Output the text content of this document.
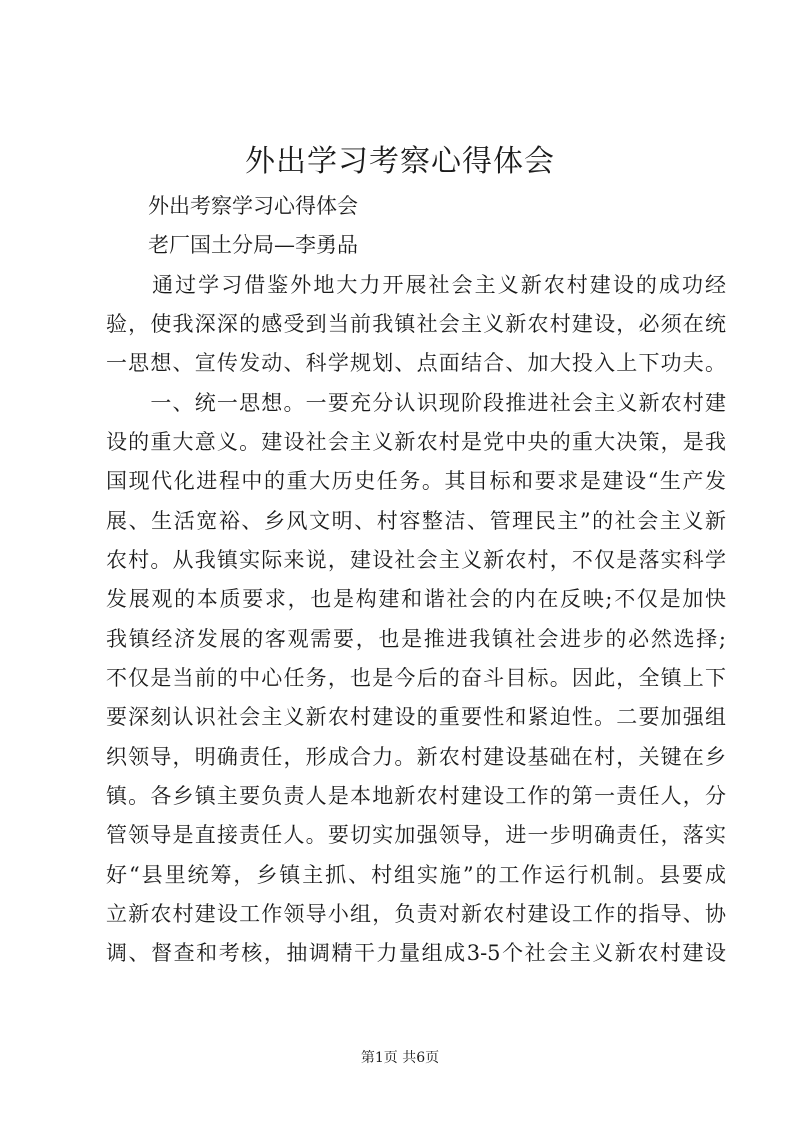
外出学习考察心得体会
　　外出考察学习心得体会
　　老厂国土分局—李勇品
　　通过学习借鉴外地大力开展社会主义新农村建设的成功经
验，使我深深的感受到当前我镇社会主义新农村建设，必须在统
一思想、宣传发动、科学规划、点面结合、加大投入上下功夫。
　　一、统一思想。一要充分认识现阶段推进社会主义新农村建
设的重大意义。建设社会主义新农村是党中央的重大决策，是我
国现代化进程中的重大历史任务。其目标和要求是建设“生产发
展、生活宽裕、乡风文明、村容整洁、管理民主”的社会主义新
农村。从我镇实际来说，建设社会主义新农村，不仅是落实科学
发展观的本质要求，也是构建和谐社会的内在反映;不仅是加快
我镇经济发展的客观需要，也是推进我镇社会进步的必然选择;
不仅是当前的中心任务，也是今后的奋斗目标。因此，全镇上下
要深刻认识社会主义新农村建设的重要性和紧迫性。二要加强组
织领导，明确责任，形成合力。新农村建设基础在村，关键在乡
镇。各乡镇主要负责人是本地新农村建设工作的第一责任人，分
管领导是直接责任人。要切实加强领导，进一步明确责任，落实
好“县里统筹，乡镇主抓、村组实施”的工作运行机制。县要成
立新农村建设工作领导小组，负责对新农村建设工作的指导、协
调、督查和考核，抽调精干力量组成3-5个社会主义新农村建设
第1页 共6页
